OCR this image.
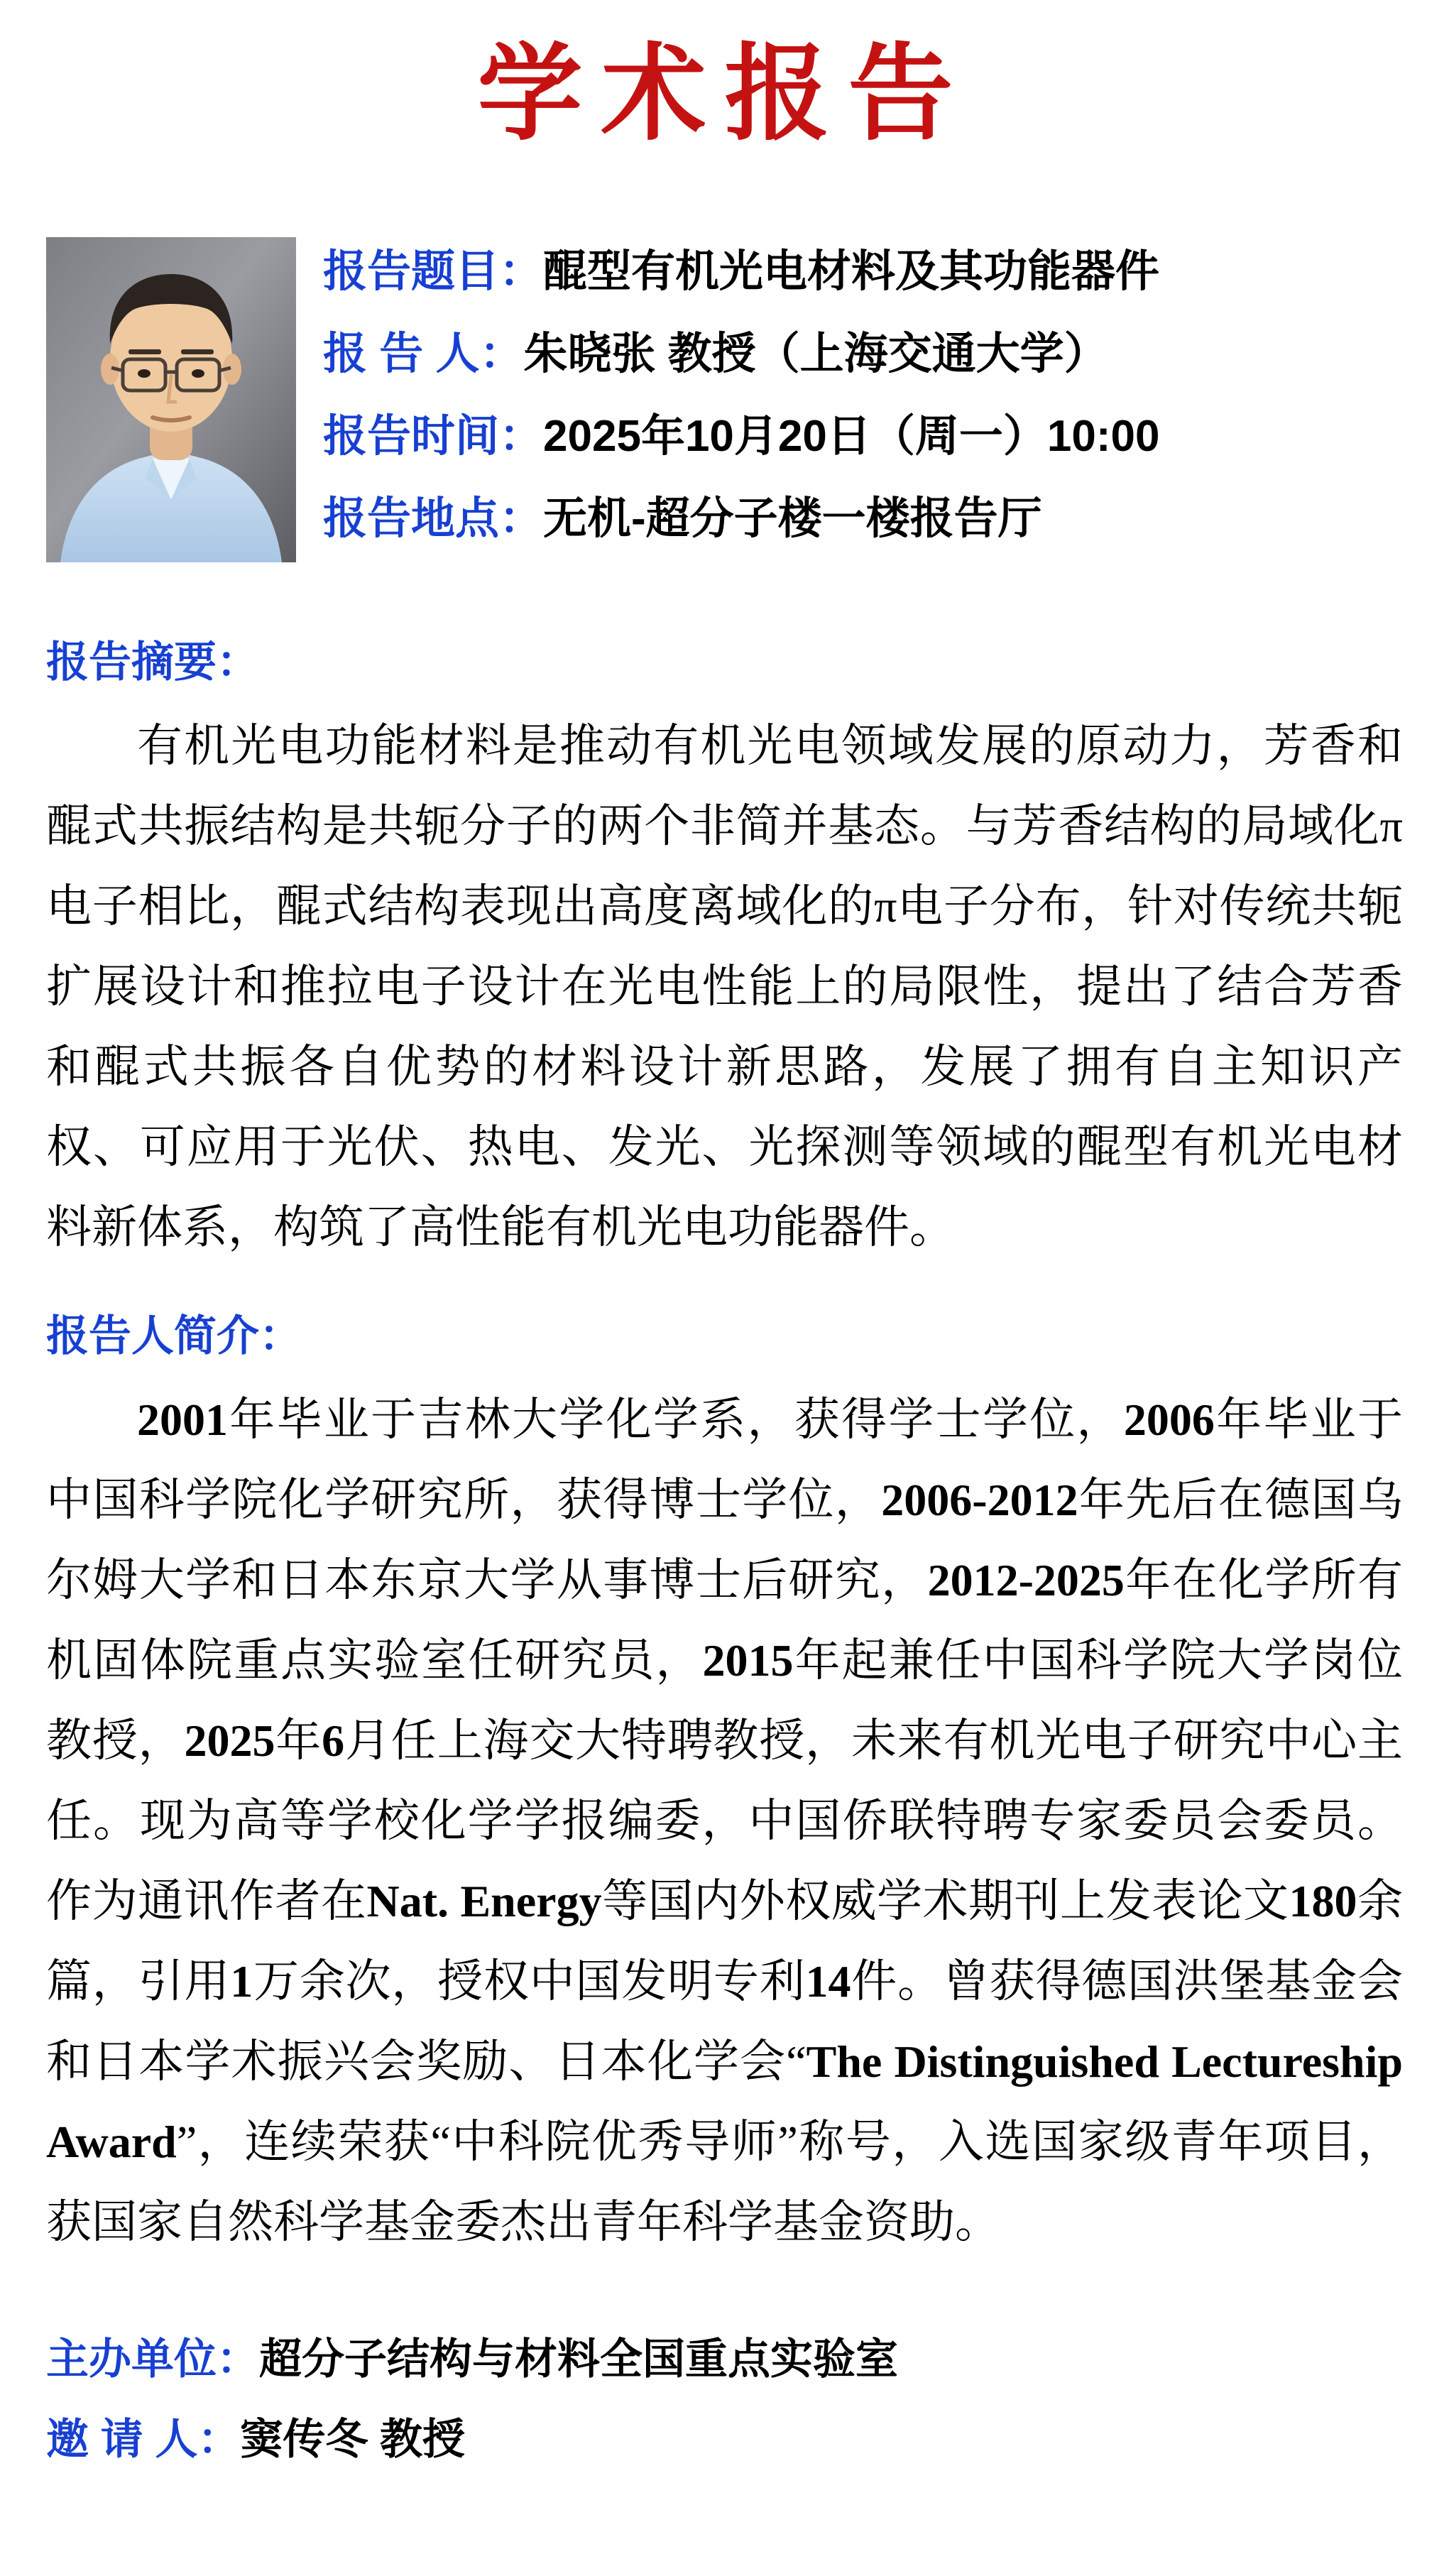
学术报告
报告题目：醌型有机光电材料及其功能器件
报 告 人：朱晓张 教授（上海交通大学）
报告时间：2025年10月20日（周一）10:00
报告地点：无机-超分子楼一楼报告厅
报告摘要：

有机光电功能材料是推动有机光电领域发展的原动力，芳香和醌式共振结构是共轭分子的两个非简并基态。与芳香结构的局域化π电子相比，醌式结构表现出高度离域化的π电子分布，针对传统共轭扩展设计和推拉电子设计在光电性能上的局限性，提出了结合芳香和醌式共振各自优势的材料设计新思路，发展了拥有自主知识产权、可应用于光伏、热电、发光、光探测等领域的醌型有机光电材料新体系，构筑了高性能有机光电功能器件。

报告人简介：

2001年毕业于吉林大学化学系，获得学士学位，2006年毕业于中国科学院化学研究所，获得博士学位，2006-2012年先后在德国乌尔姆大学和日本东京大学从事博士后研究，2012-2025年在化学所有机固体院重点实验室任研究员，2015年起兼任中国科学院大学岗位教授，2025年6月任上海交大特聘教授，未来有机光电子研究中心主任。现为高等学校化学学报编委，中国侨联特聘专家委员会委员。作为通讯作者在Nat. Energy等国内外权威学术期刊上发表论文180余篇，引用1万余次，授权中国发明专利14件。曾获得德国洪堡基金会和日本学术振兴会奖励、日本化学会“The Distinguished Lectureship Award”，连续荣获“中科院优秀导师”称号，入选国家级青年项目，获国家自然科学基金委杰出青年科学基金资助。

主办单位：超分子结构与材料全国重点实验室
邀 请 人：窦传冬 教授
